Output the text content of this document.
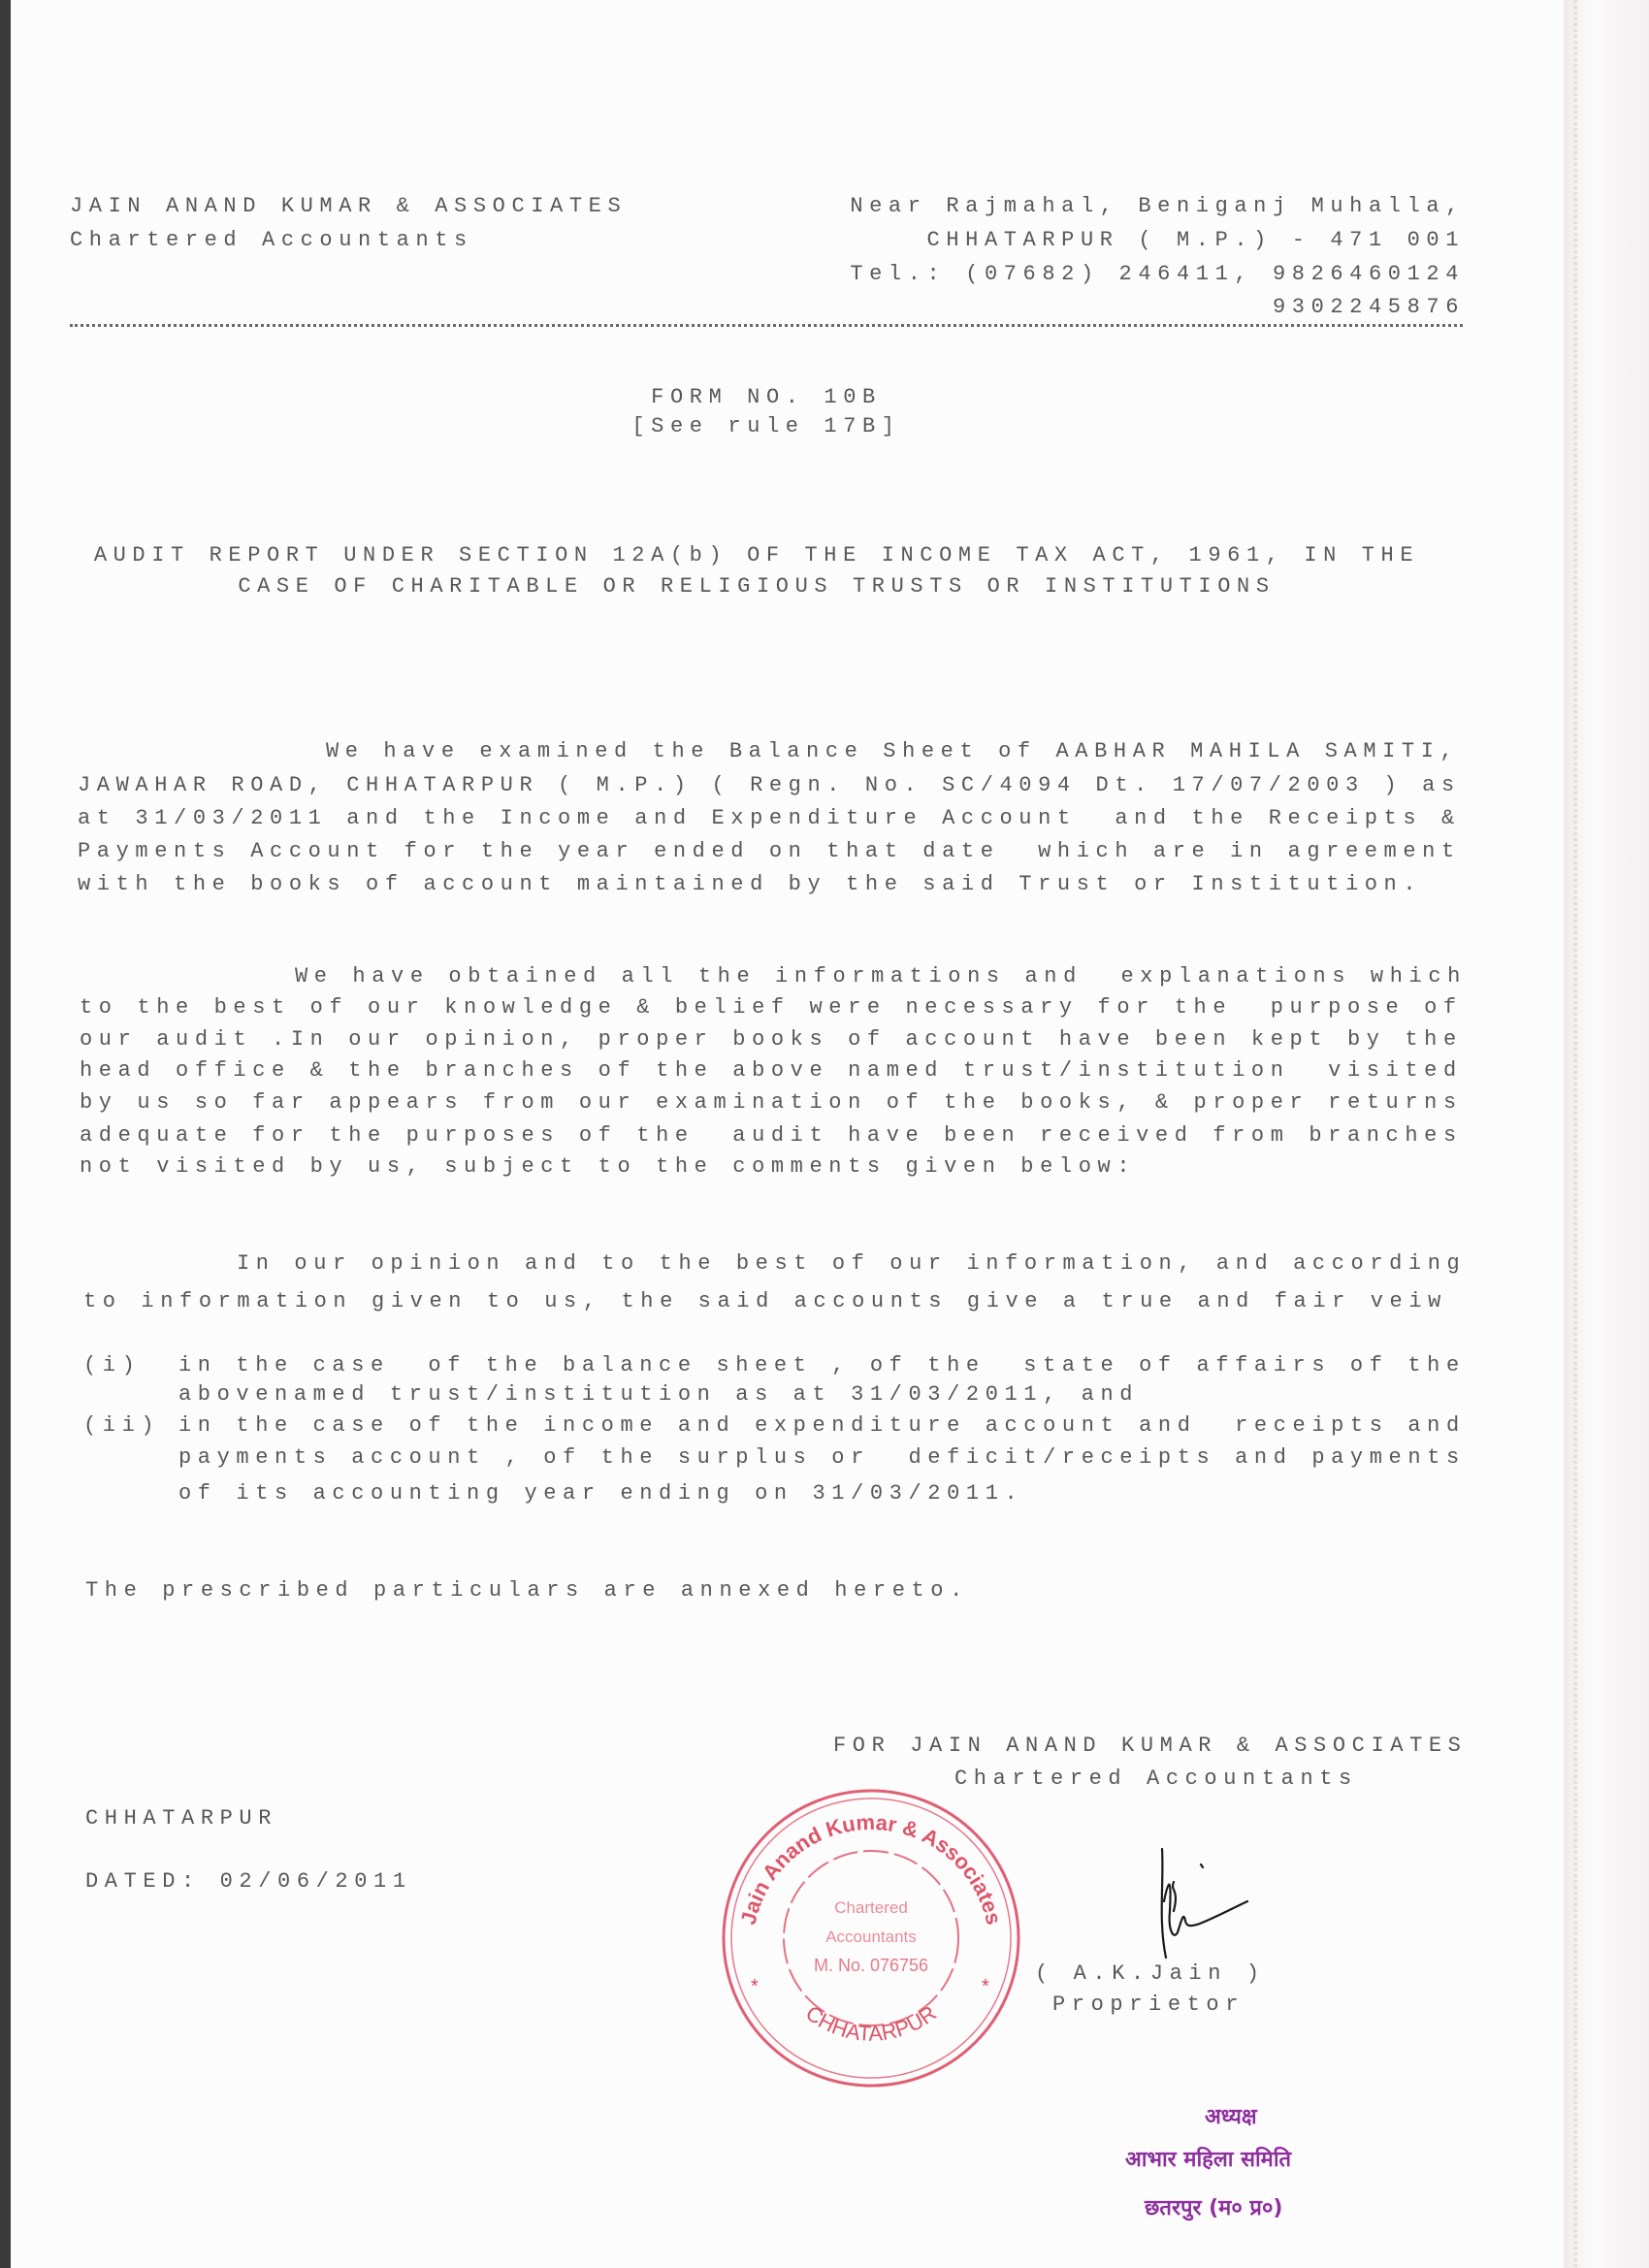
JAIN ANAND KUMAR & ASSOCIATES
Chartered Accountants
Near Rajmahal, Beniganj Muhalla,
CHHATARPUR ( M.P.) - 471 001
Tel.: (07682) 246411, 9826460124
9302245876
FORM NO. 10B
[See rule 17B]
AUDIT REPORT UNDER SECTION 12A(b) OF THE INCOME TAX ACT, 1961, IN THE
CASE OF CHARITABLE OR RELIGIOUS TRUSTS OR INSTITUTIONS
We have examined the Balance Sheet of AABHAR MAHILA SAMITI,
JAWAHAR ROAD, CHHATARPUR ( M.P.) ( Regn. No. SC/4094 Dt. 17/07/2003 ) as
at 31/03/2011 and the Income and Expenditure Account  and the Receipts &
Payments Account for the year ended on that date  which are in agreement
with the books of account maintained by the said Trust or Institution.
We have obtained all the informations and  explanations which
to the best of our knowledge & belief were necessary for the  purpose of
our audit .In our opinion, proper books of account have been kept by the
head office & the branches of the above named trust/institution  visited
by us so far appears from our examination of the books, & proper returns
adequate for the purposes of the  audit have been received from branches
not visited by us, subject to the comments given below:
In our opinion and to the best of our information, and according
to information given to us, the said accounts give a true and fair veiw
(i) in the case  of the balance sheet , of the  state of affairs of the
abovenamed trust/institution as at 31/03/2011, and
(ii) in the case of the income and expenditure account and  receipts and
payments account , of the surplus or  deficit/receipts and payments
of its accounting year ending on 31/03/2011.
The prescribed particulars are annexed hereto.
FOR JAIN ANAND KUMAR & ASSOCIATES
Chartered Accountants
CHHATARPUR
DATED: 02/06/2011
( A.K.Jain )
Proprietor
Jain Anand Kumar & Associates
CHHATARPUR
Chartered
Accountants
M. No. 076756
*	*
अध्यक्ष
आभार महिला समिति
छतरपुर (म० प्र०)
